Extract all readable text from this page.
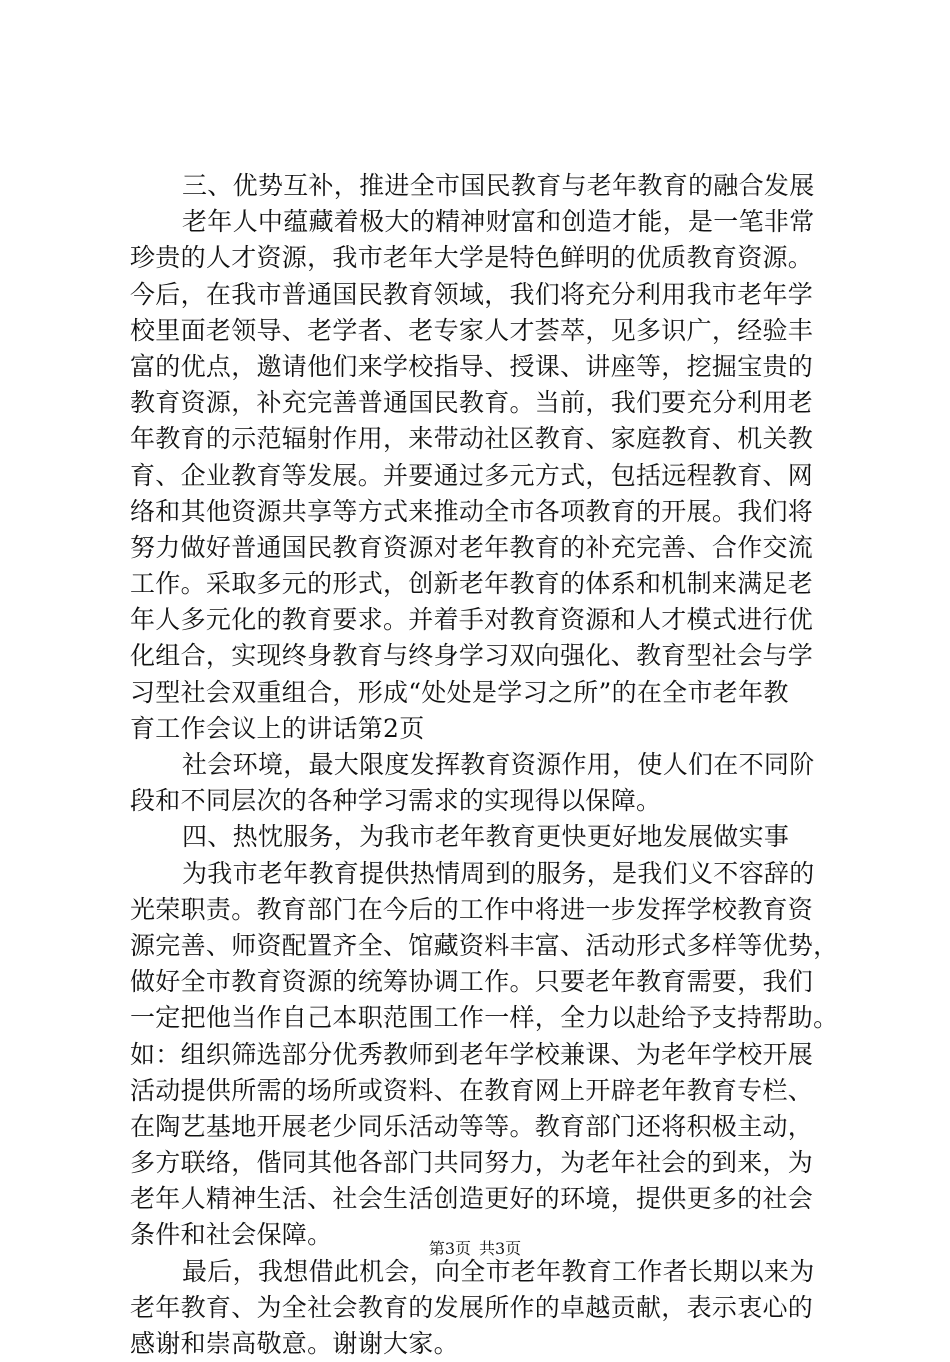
三、优势互补，推进全市国民教育与老年教育的融合发展
老年人中蕴藏着极大的精神财富和创造才能，是一笔非常
珍贵的人才资源，我市老年大学是特色鲜明的优质教育资源。
今后，在我市普通国民教育领域，我们将充分利用我市老年学
校里面老领导、老学者、老专家人才荟萃，见多识广，经验丰
富的优点，邀请他们来学校指导、授课、讲座等，挖掘宝贵的
教育资源，补充完善普通国民教育。当前，我们要充分利用老
年教育的示范辐射作用，来带动社区教育、家庭教育、机关教
育、企业教育等发展。并要通过多元方式，包括远程教育、网
络和其他资源共享等方式来推动全市各项教育的开展。我们将
努力做好普通国民教育资源对老年教育的补充完善、合作交流
工作。采取多元的形式，创新老年教育的体系和机制来满足老
年人多元化的教育要求。并着手对教育资源和人才模式进行优
化组合，实现终身教育与终身学习双向强化、教育型社会与学
习型社会双重组合，形成“处处是学习之所”的在全市老年教
育工作会议上的讲话第2页
社会环境，最大限度发挥教育资源作用，使人们在不同阶
段和不同层次的各种学习需求的实现得以保障。
四、热忱服务，为我市老年教育更快更好地发展做实事
为我市老年教育提供热情周到的服务，是我们义不容辞的
光荣职责。教育部门在今后的工作中将进一步发挥学校教育资
源完善、师资配置齐全、馆藏资料丰富、活动形式多样等优势，
做好全市教育资源的统筹协调工作。只要老年教育需要，我们
一定把他当作自己本职范围工作一样，全力以赴给予支持帮助。
如：组织筛选部分优秀教师到老年学校兼课、为老年学校开展
活动提供所需的场所或资料、在教育网上开辟老年教育专栏、
在陶艺基地开展老少同乐活动等等。教育部门还将积极主动，
多方联络，偕同其他各部门共同努力，为老年社会的到来，为
老年人精神生活、社会生活创造更好的环境，提供更多的社会
条件和社会保障。
最后，我想借此机会，向全市老年教育工作者长期以来为
老年教育、为全社会教育的发展所作的卓越贡献，表示衷心的
感谢和崇高敬意。谢谢大家。
第3页 共3页
